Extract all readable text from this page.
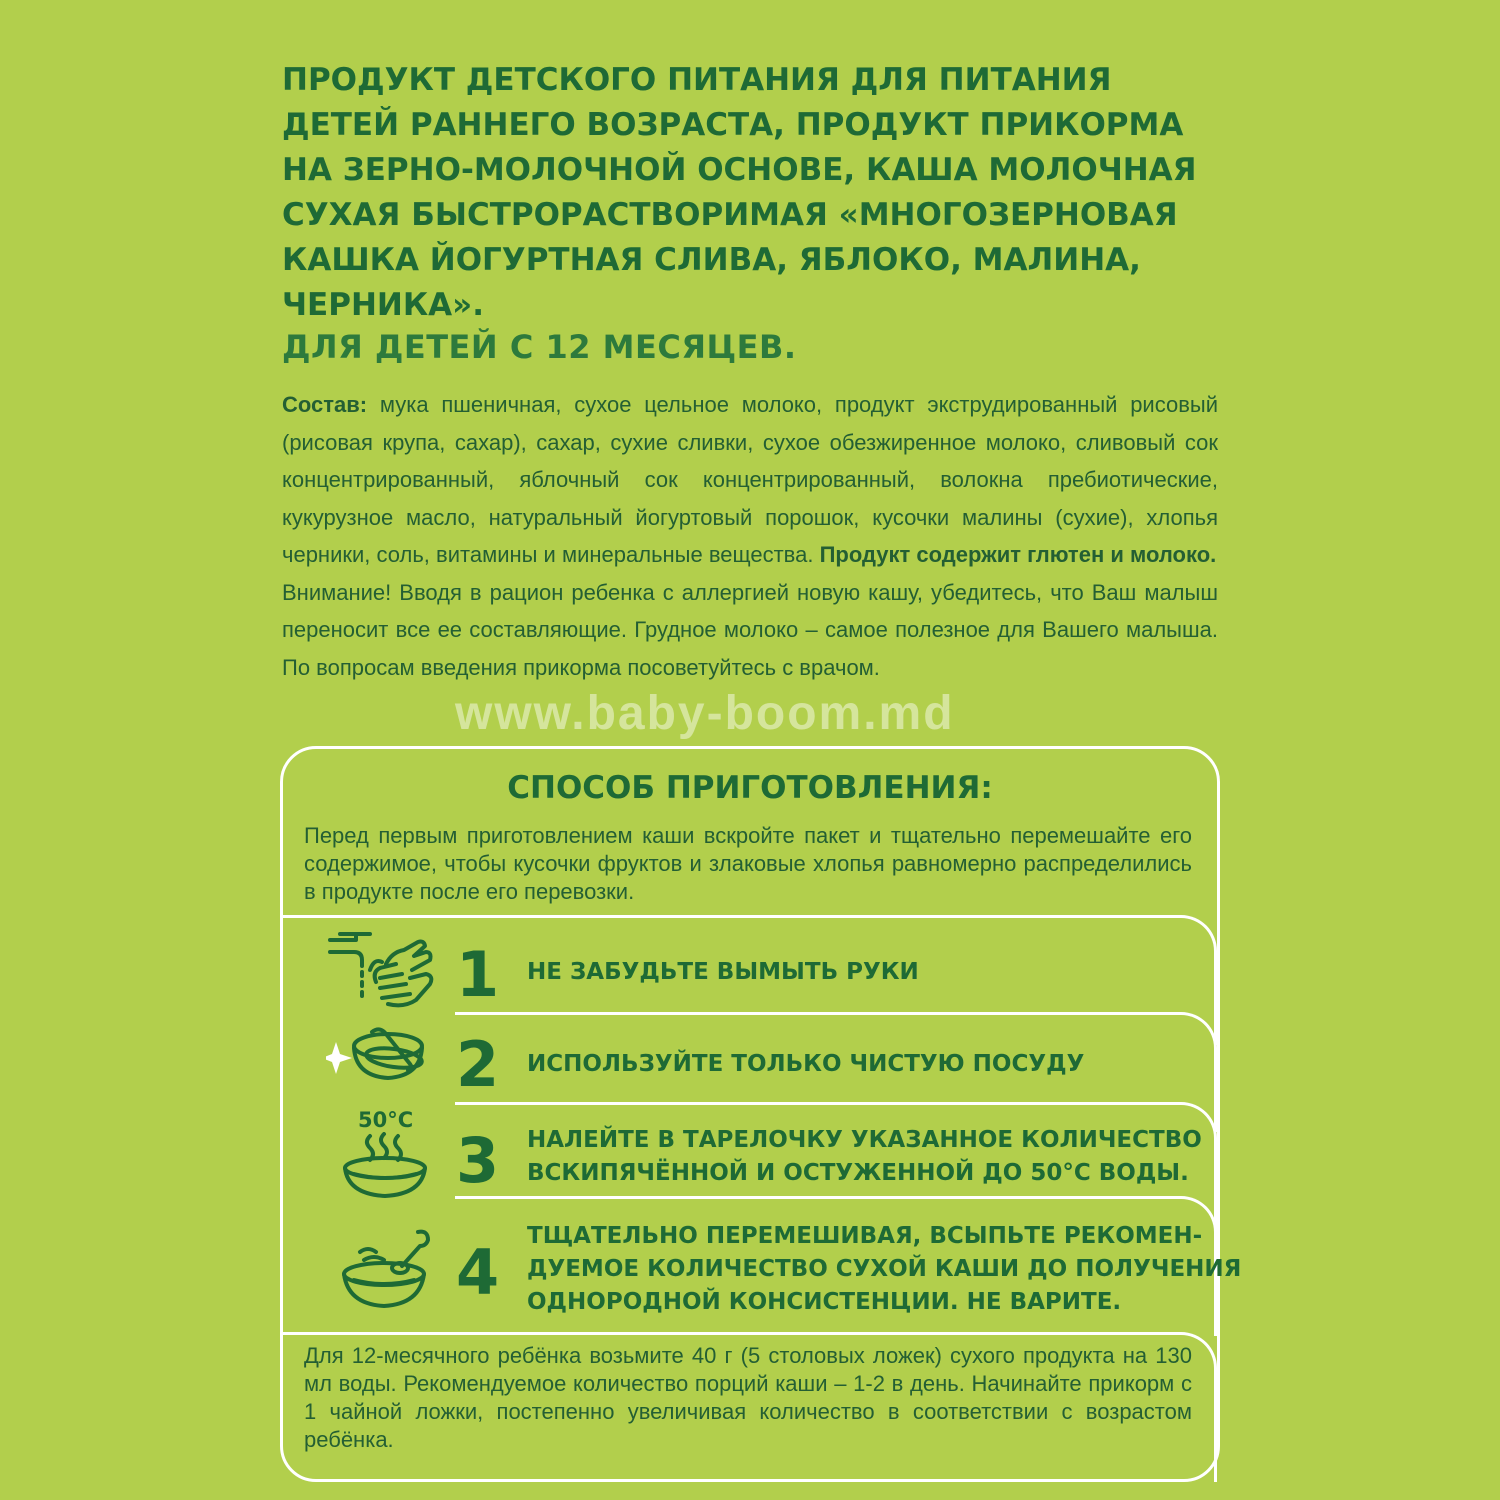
ПРОДУКТ ДЕТСКОГО ПИТАНИЯ ДЛЯ ПИТАНИЯ
ДЕТЕЙ РАННЕГО ВОЗРАСТА, ПРОДУКТ ПРИКОРМА
НА ЗЕРНО-МОЛОЧНОЙ ОСНОВЕ, КАША МОЛОЧНАЯ
СУХАЯ БЫСТРОРАСТВОРИМАЯ «МНОГОЗЕРНОВАЯ
КАШКА ЙОГУРТНАЯ СЛИВА, ЯБЛОКО, МАЛИНА,
ЧЕРНИКА».
ДЛЯ ДЕТЕЙ С 12 МЕСЯЦЕВ.
Состав: мука пшеничная, сухое цельное молоко, продукт экструдированный рисовый (рисовая крупа, сахар), сахар, сухие сливки, сухое обезжиренное молоко, сливовый сок концентрированный, яблочный сок концентрированный, волокна пребиотические, кукурузное масло, натуральный йогуртовый порошок, кусочки малины (сухие), хлопья черники, соль, витамины и минеральные вещества. Продукт содержит глютен и молоко.
Внимание! Вводя в рацион ребенка с аллергией новую кашу, убедитесь, что Ваш малыш переносит все ее составляющие. Грудное молоко – самое полезное для Вашего малыша. По вопросам введения прикорма посоветуйтесь с врачом.
www.baby-boom.md
СПОСОБ ПРИГОТОВЛЕНИЯ:
Перед первым приготовлением каши вскройте пакет и тщательно перемешайте его содержимое, чтобы кусочки фруктов и злаковые хлопья равномерно распределились в продукте после его перевозки.
1 НЕ ЗАБУДЬТЕ ВЫМЫТЬ РУКИ
2 ИСПОЛЬЗУЙТЕ ТОЛЬКО ЧИСТУЮ ПОСУДУ
50°C
3 НАЛЕЙТЕ В ТАРЕЛОЧКУ УКАЗАННОЕ КОЛИЧЕСТВО
ВСКИПЯЧЁННОЙ И ОСТУЖЕННОЙ ДО 50°С ВОДЫ.
4 ТЩАТЕЛЬНО ПЕРЕМЕШИВАЯ, ВСЫПЬТЕ РЕКОМЕН-
ДУЕМОЕ КОЛИЧЕСТВО СУХОЙ КАШИ ДО ПОЛУЧЕНИЯ
ОДНОРОДНОЙ КОНСИСТЕНЦИИ. НЕ ВАРИТЕ.
Для 12-месячного ребёнка возьмите 40 г (5 столовых ложек) сухого продукта на 130 мл воды. Рекомендуемое количество порций каши – 1-2 в день. Начинайте прикорм с 1 чайной ложки, постепенно увеличивая количество в соответствии с возрастом ребёнка.
